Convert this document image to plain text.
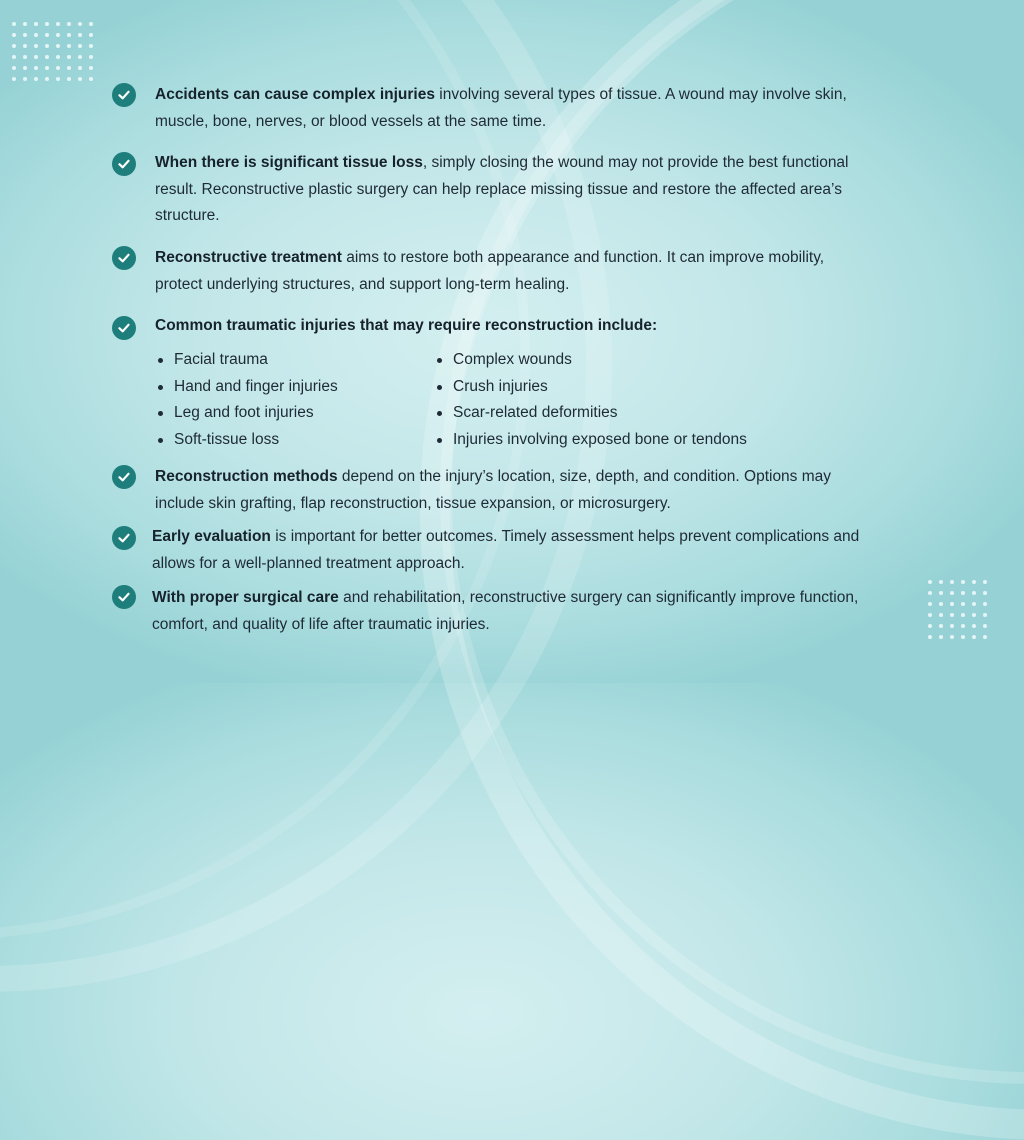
Accidents can cause complex injuries involving several types of tissue. A wound may involve skin, muscle, bone, nerves, or blood vessels at the same time.
When there is significant tissue loss, simply closing the wound may not provide the best functional result. Reconstructive plastic surgery can help replace missing tissue and restore the affected area’s structure.
Reconstructive treatment aims to restore both appearance and function. It can improve mobility, protect underlying structures, and support long-term healing.
Common traumatic injuries that may require reconstruction include:
Facial trauma
Hand and finger injuries
Leg and foot injuries
Soft-tissue loss
Complex wounds
Crush injuries
Scar-related deformities
Injuries involving exposed bone or tendons
Reconstruction methods depend on the injury’s location, size, depth, and condition. Options may include skin grafting, flap reconstruction, tissue expansion, or microsurgery.
Early evaluation is important for better outcomes. Timely assessment helps prevent complications and allows for a well-planned treatment approach.
With proper surgical care and rehabilitation, reconstructive surgery can significantly improve function, comfort, and quality of life after traumatic injuries.
